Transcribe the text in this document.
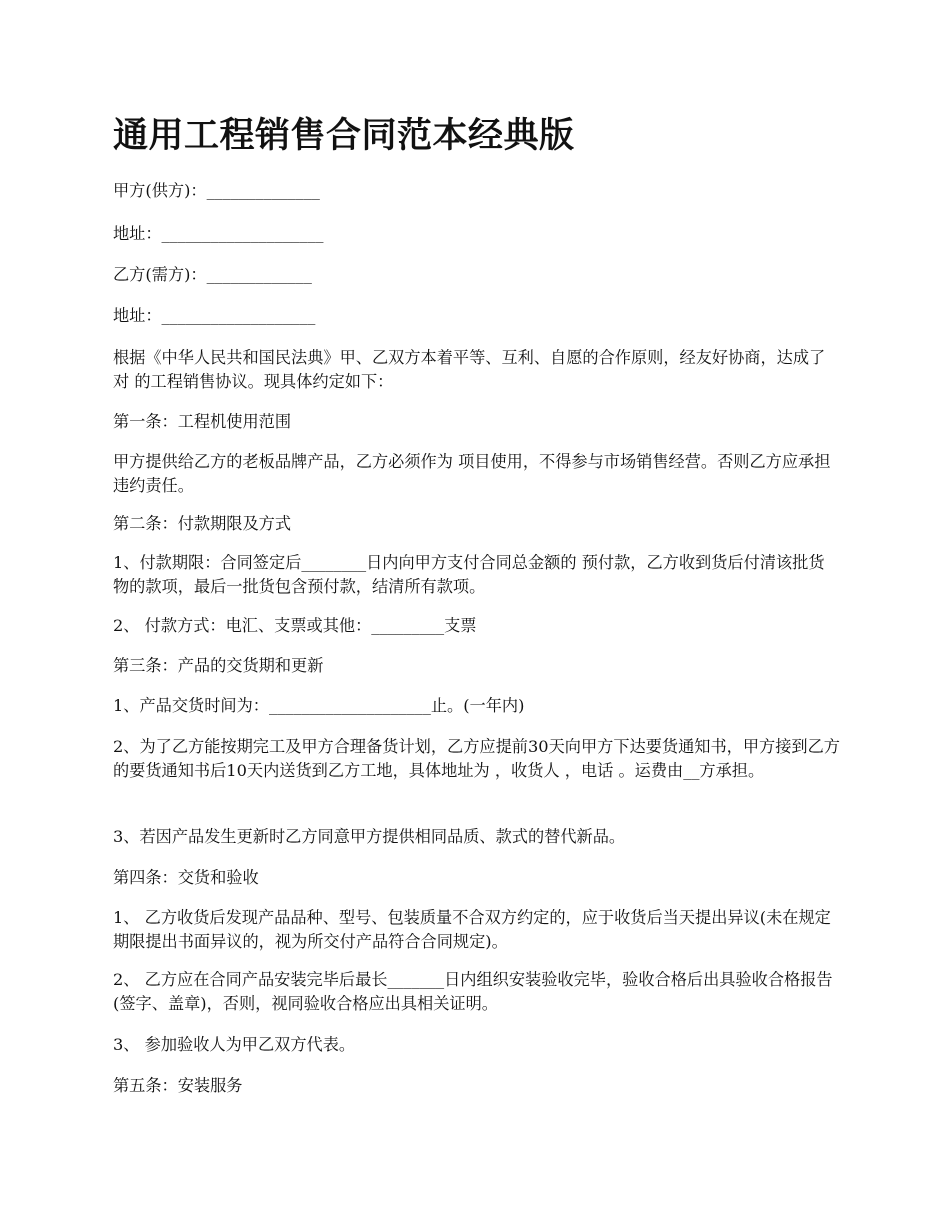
通用工程销售合同范本经典版

甲方(供方)：______________

地址：____________________

乙方(需方)：_____________

地址：___________________

根据《中华人民共和国民法典》甲、乙双方本着平等、互利、自愿的合作原则，经友好协商，达成了对 的工程销售协议。现具体约定如下：

第一条：工程机使用范围

甲方提供给乙方的老板品牌产品，乙方必须作为 项目使用，不得参与市场销售经营。否则乙方应承担违约责任。

第二条：付款期限及方式

1、付款期限：合同签定后________日内向甲方支付合同总金额的 预付款，乙方收到货后付清该批货物的款项，最后一批货包含预付款，结清所有款项。

2、 付款方式：电汇、支票或其他：_________支票

第三条：产品的交货期和更新

1、产品交货时间为：____________________止。(一年内)

2、为了乙方能按期完工及甲方合理备货计划，乙方应提前30天向甲方下达要货通知书，甲方接到乙方的要货通知书后10天内送货到乙方工地，具体地址为 ，收货人 ，电话 。运费由__方承担。

3、若因产品发生更新时乙方同意甲方提供相同品质、款式的替代新品。

第四条：交货和验收

1、 乙方收货后发现产品品种、型号、包装质量不合双方约定的，应于收货后当天提出异议(未在规定期限提出书面异议的，视为所交付产品符合合同规定)。

2、 乙方应在合同产品安装完毕后最长_______日内组织安装验收完毕，验收合格后出具验收合格报告(签字、盖章)，否则，视同验收合格应出具相关证明。

3、 参加验收人为甲乙双方代表。

第五条：安装服务
